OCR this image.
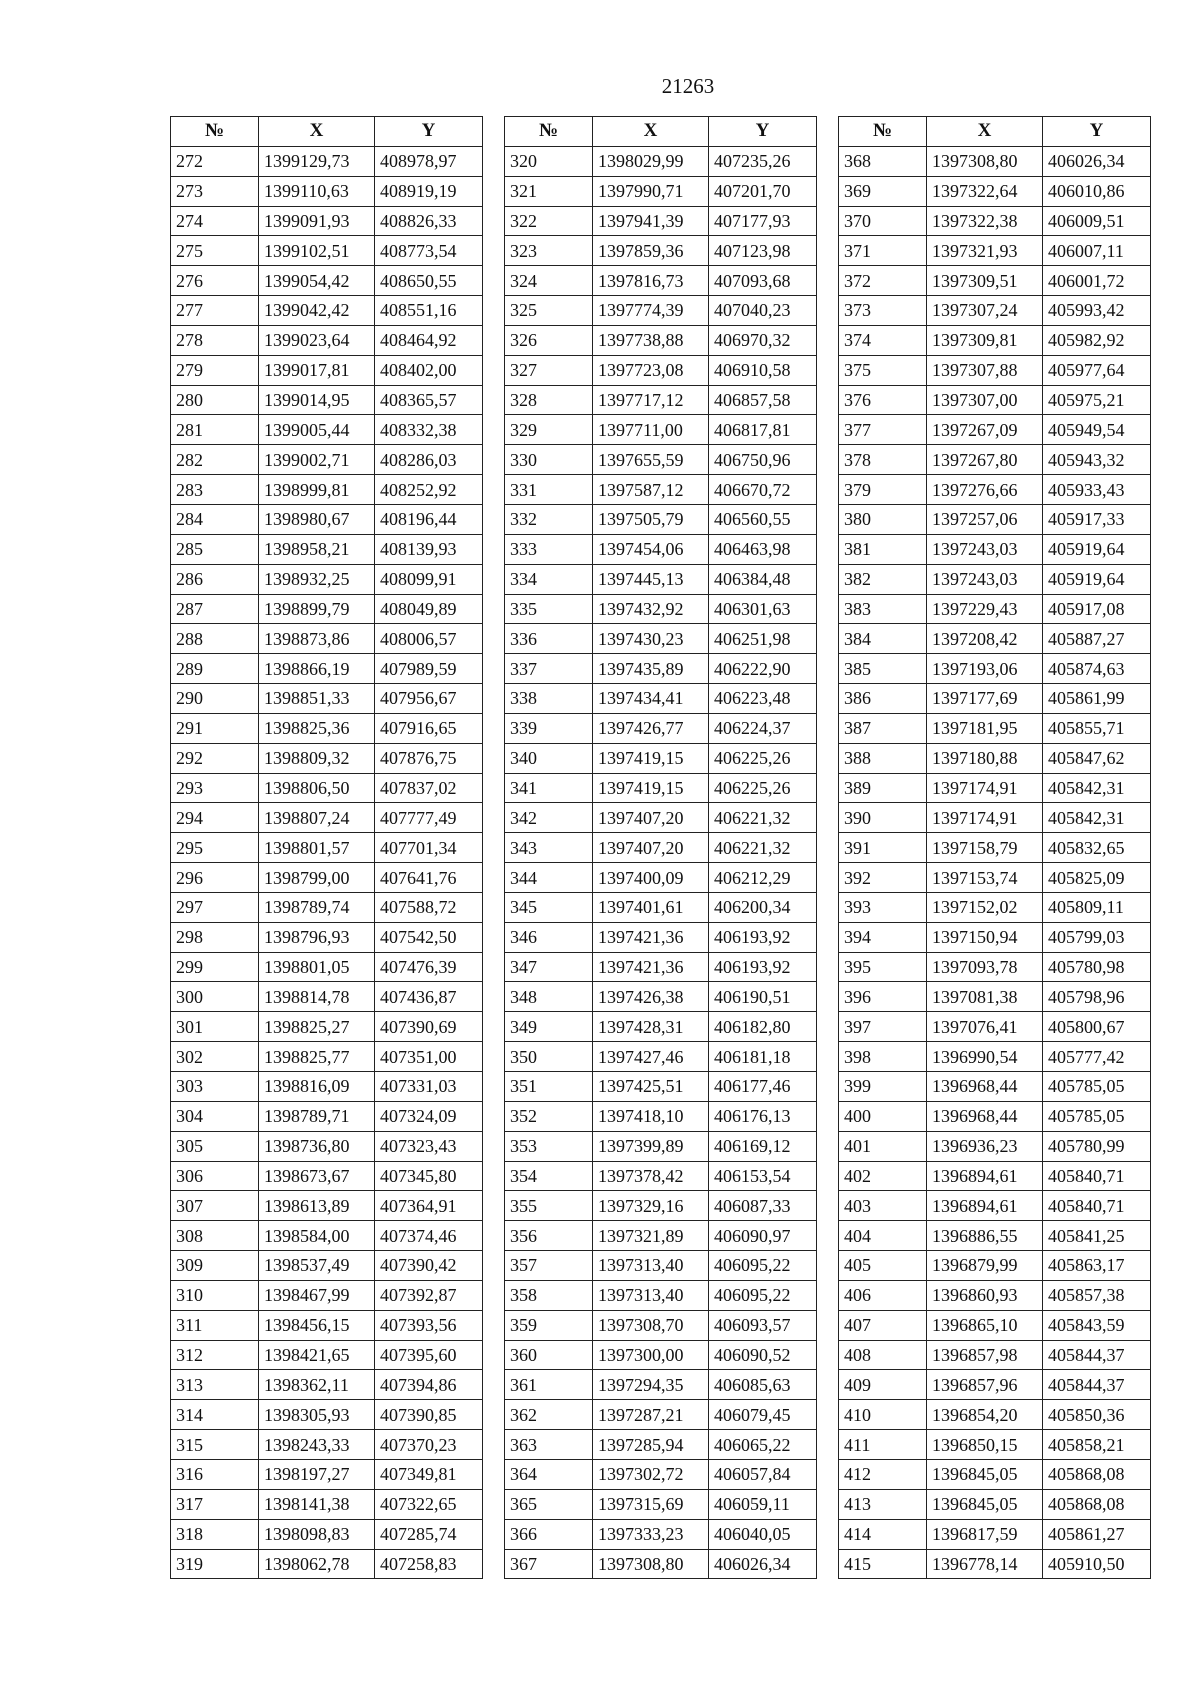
21263
№	X	Y
272	1399129,73	408978,97
273	1399110,63	408919,19
274	1399091,93	408826,33
275	1399102,51	408773,54
276	1399054,42	408650,55
277	1399042,42	408551,16
278	1399023,64	408464,92
279	1399017,81	408402,00
280	1399014,95	408365,57
281	1399005,44	408332,38
282	1399002,71	408286,03
283	1398999,81	408252,92
284	1398980,67	408196,44
285	1398958,21	408139,93
286	1398932,25	408099,91
287	1398899,79	408049,89
288	1398873,86	408006,57
289	1398866,19	407989,59
290	1398851,33	407956,67
291	1398825,36	407916,65
292	1398809,32	407876,75
293	1398806,50	407837,02
294	1398807,24	407777,49
295	1398801,57	407701,34
296	1398799,00	407641,76
297	1398789,74	407588,72
298	1398796,93	407542,50
299	1398801,05	407476,39
300	1398814,78	407436,87
301	1398825,27	407390,69
302	1398825,77	407351,00
303	1398816,09	407331,03
304	1398789,71	407324,09
305	1398736,80	407323,43
306	1398673,67	407345,80
307	1398613,89	407364,91
308	1398584,00	407374,46
309	1398537,49	407390,42
310	1398467,99	407392,87
311	1398456,15	407393,56
312	1398421,65	407395,60
313	1398362,11	407394,86
314	1398305,93	407390,85
315	1398243,33	407370,23
316	1398197,27	407349,81
317	1398141,38	407322,65
318	1398098,83	407285,74
319	1398062,78	407258,83
№	X	Y
320	1398029,99	407235,26
321	1397990,71	407201,70
322	1397941,39	407177,93
323	1397859,36	407123,98
324	1397816,73	407093,68
325	1397774,39	407040,23
326	1397738,88	406970,32
327	1397723,08	406910,58
328	1397717,12	406857,58
329	1397711,00	406817,81
330	1397655,59	406750,96
331	1397587,12	406670,72
332	1397505,79	406560,55
333	1397454,06	406463,98
334	1397445,13	406384,48
335	1397432,92	406301,63
336	1397430,23	406251,98
337	1397435,89	406222,90
338	1397434,41	406223,48
339	1397426,77	406224,37
340	1397419,15	406225,26
341	1397419,15	406225,26
342	1397407,20	406221,32
343	1397407,20	406221,32
344	1397400,09	406212,29
345	1397401,61	406200,34
346	1397421,36	406193,92
347	1397421,36	406193,92
348	1397426,38	406190,51
349	1397428,31	406182,80
350	1397427,46	406181,18
351	1397425,51	406177,46
352	1397418,10	406176,13
353	1397399,89	406169,12
354	1397378,42	406153,54
355	1397329,16	406087,33
356	1397321,89	406090,97
357	1397313,40	406095,22
358	1397313,40	406095,22
359	1397308,70	406093,57
360	1397300,00	406090,52
361	1397294,35	406085,63
362	1397287,21	406079,45
363	1397285,94	406065,22
364	1397302,72	406057,84
365	1397315,69	406059,11
366	1397333,23	406040,05
367	1397308,80	406026,34
№	X	Y
368	1397308,80	406026,34
369	1397322,64	406010,86
370	1397322,38	406009,51
371	1397321,93	406007,11
372	1397309,51	406001,72
373	1397307,24	405993,42
374	1397309,81	405982,92
375	1397307,88	405977,64
376	1397307,00	405975,21
377	1397267,09	405949,54
378	1397267,80	405943,32
379	1397276,66	405933,43
380	1397257,06	405917,33
381	1397243,03	405919,64
382	1397243,03	405919,64
383	1397229,43	405917,08
384	1397208,42	405887,27
385	1397193,06	405874,63
386	1397177,69	405861,99
387	1397181,95	405855,71
388	1397180,88	405847,62
389	1397174,91	405842,31
390	1397174,91	405842,31
391	1397158,79	405832,65
392	1397153,74	405825,09
393	1397152,02	405809,11
394	1397150,94	405799,03
395	1397093,78	405780,98
396	1397081,38	405798,96
397	1397076,41	405800,67
398	1396990,54	405777,42
399	1396968,44	405785,05
400	1396968,44	405785,05
401	1396936,23	405780,99
402	1396894,61	405840,71
403	1396894,61	405840,71
404	1396886,55	405841,25
405	1396879,99	405863,17
406	1396860,93	405857,38
407	1396865,10	405843,59
408	1396857,98	405844,37
409	1396857,96	405844,37
410	1396854,20	405850,36
411	1396850,15	405858,21
412	1396845,05	405868,08
413	1396845,05	405868,08
414	1396817,59	405861,27
415	1396778,14	405910,50
